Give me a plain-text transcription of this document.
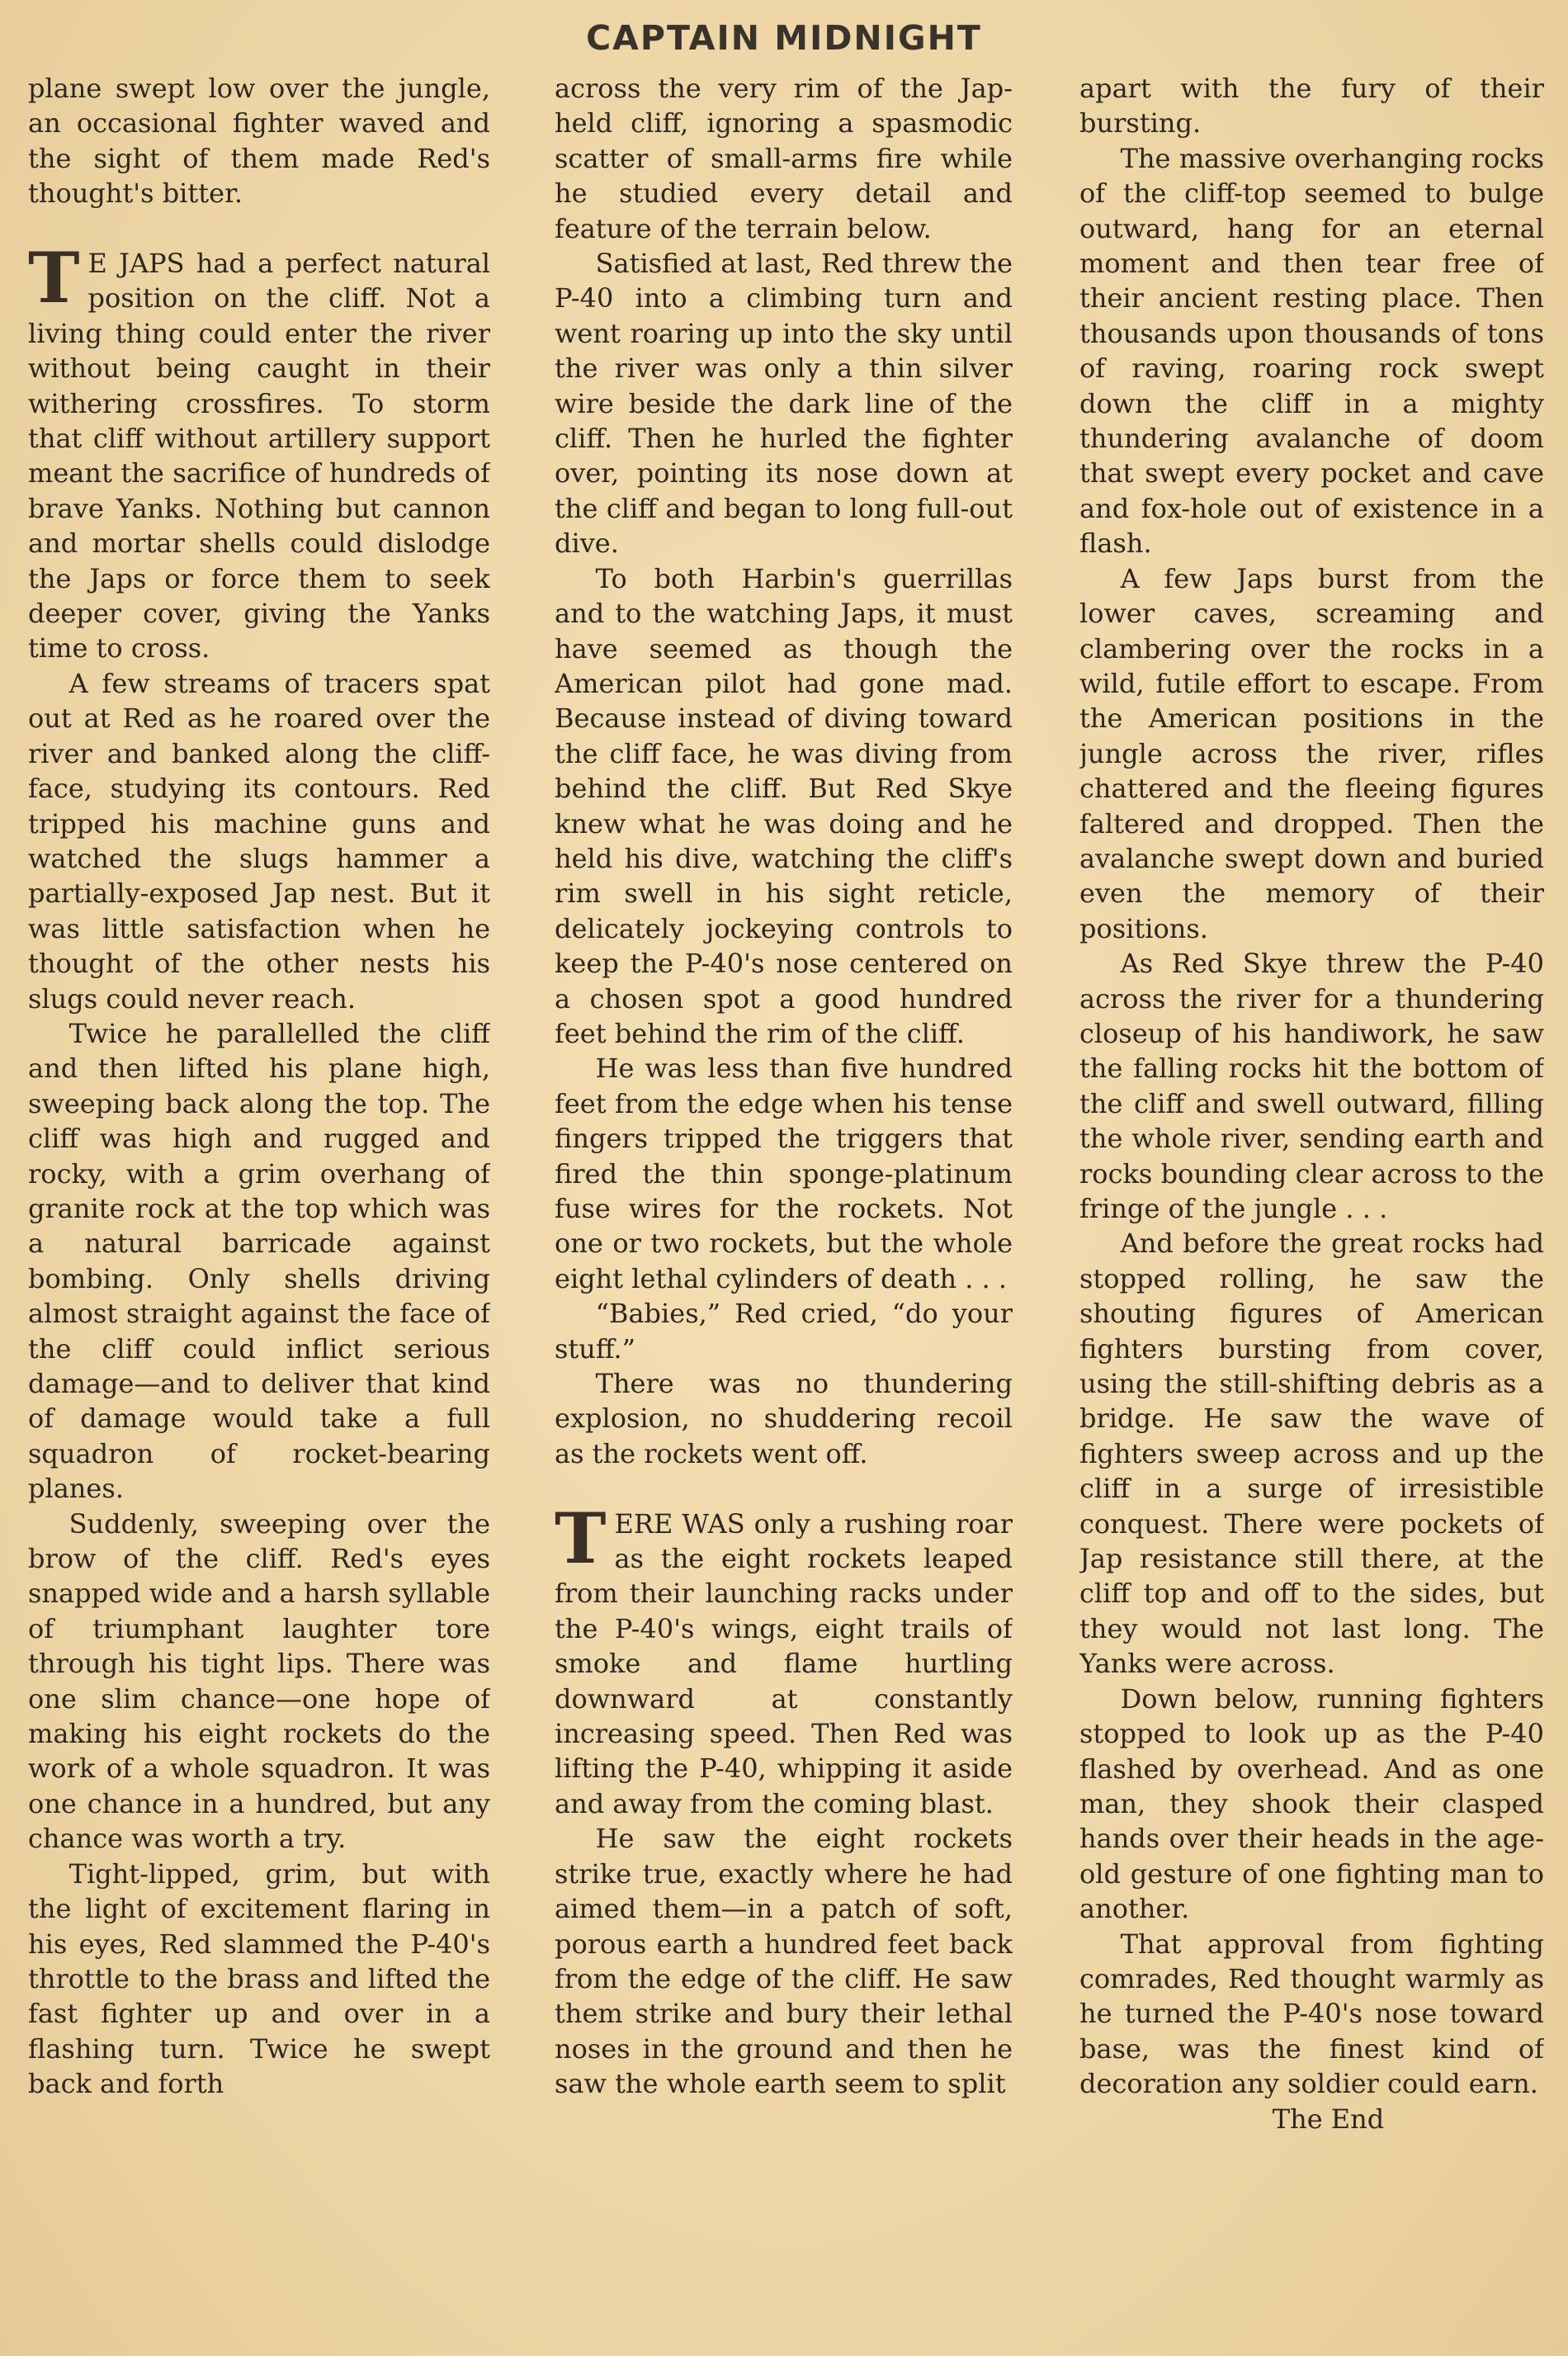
CAPTAIN MIDNIGHT

plane swept low over the jungle, an occasional fighter waved and the sight of them made Red's thought's bitter.

T E JAPS had a perfect natural position on the cliff. Not a living thing could enter the river without being caught in their withering crossfires. To storm that cliff without artillery support meant the sacrifice of hundreds of brave Yanks. Nothing but cannon and mortar shells could dislodge the Japs or force them to seek deeper cover, giving the Yanks time to cross.

A few streams of tracers spat out at Red as he roared over the river and banked along the cliff-face, studying its contours. Red tripped his machine guns and watched the slugs hammer a partially-exposed Jap nest. But it was little satisfaction when he thought of the other nests his slugs could never reach.

Twice he parallelled the cliff and then lifted his plane high, sweeping back along the top. The cliff was high and rugged and rocky, with a grim overhang of granite rock at the top which was a natural barricade against bombing. Only shells driving almost straight against the face of the cliff could inflict serious damage—and to deliver that kind of damage would take a full squadron of rocket-bearing planes.

Suddenly, sweeping over the brow of the cliff. Red's eyes snapped wide and a harsh syllable of triumphant laughter tore through his tight lips. There was one slim chance—one hope of making his eight rockets do the work of a whole squadron. It was one chance in a hundred, but any chance was worth a try.

Tight-lipped, grim, but with the light of excitement flaring in his eyes, Red slammed the P-40's throttle to the brass and lifted the fast fighter up and over in a flashing turn. Twice he swept back and forth

across the very rim of the Jap-held cliff, ignoring a spasmodic scatter of small-arms fire while he studied every detail and feature of the terrain below.

Satisfied at last, Red threw the P-40 into a climbing turn and went roaring up into the sky until the river was only a thin silver wire beside the dark line of the cliff. Then he hurled the fighter over, pointing its nose down at the cliff and began to long full-out dive.

To both Harbin's guerrillas and to the watching Japs, it must have seemed as though the American pilot had gone mad. Because instead of diving toward the cliff face, he was diving from behind the cliff. But Red Skye knew what he was doing and he held his dive, watching the cliff's rim swell in his sight reticle, delicately jockeying controls to keep the P-40's nose centered on a chosen spot a good hundred feet behind the rim of the cliff.

He was less than five hundred feet from the edge when his tense fingers tripped the triggers that fired the thin sponge-platinum fuse wires for the rockets. Not one or two rockets, but the whole eight lethal cylinders of death . . .

“Babies,” Red cried, “do your stuff.”

There was no thundering explosion, no shuddering recoil as the rockets went off.

TERE WAS only a rushing roar as the eight rockets leaped from their launching racks under the P-40's wings, eight trails of smoke and flame hurtling downward at constantly increasing speed. Then Red was lifting the P-40, whipping it aside and away from the coming blast.

He saw the eight rockets strike true, exactly where he had aimed them—in a patch of soft, porous earth a hundred feet back from the edge of the cliff. He saw them strike and bury their lethal noses in the ground and then he saw the whole earth seem to split

apart with the fury of their bursting.

The massive overhanging rocks of the cliff-top seemed to bulge outward, hang for an eternal moment and then tear free of their ancient resting place. Then thousands upon thousands of tons of raving, roaring rock swept down the cliff in a mighty thundering avalanche of doom that swept every pocket and cave and fox-hole out of existence in a flash.

A few Japs burst from the lower caves, screaming and clambering over the rocks in a wild, futile effort to escape. From the American positions in the jungle across the river, rifles chattered and the fleeing figures faltered and dropped. Then the avalanche swept down and buried even the memory of their positions.

As Red Skye threw the P-40 across the river for a thundering closeup of his handiwork, he saw the falling rocks hit the bottom of the cliff and swell outward, filling the whole river, sending earth and rocks bounding clear across to the fringe of the jungle . . .

And before the great rocks had stopped rolling, he saw the shouting figures of American fighters bursting from cover, using the still-shifting debris as a bridge. He saw the wave of fighters sweep across and up the cliff in a surge of irresistible conquest. There were pockets of Jap resistance still there, at the cliff top and off to the sides, but they would not last long. The Yanks were across.

Down below, running fighters stopped to look up as the P-40 flashed by overhead. And as one man, they shook their clasped hands over their heads in the age-old gesture of one fighting man to another.

That approval from fighting comrades, Red thought warmly as he turned the P-40's nose toward base, was the finest kind of decoration any soldier could earn.

The End
